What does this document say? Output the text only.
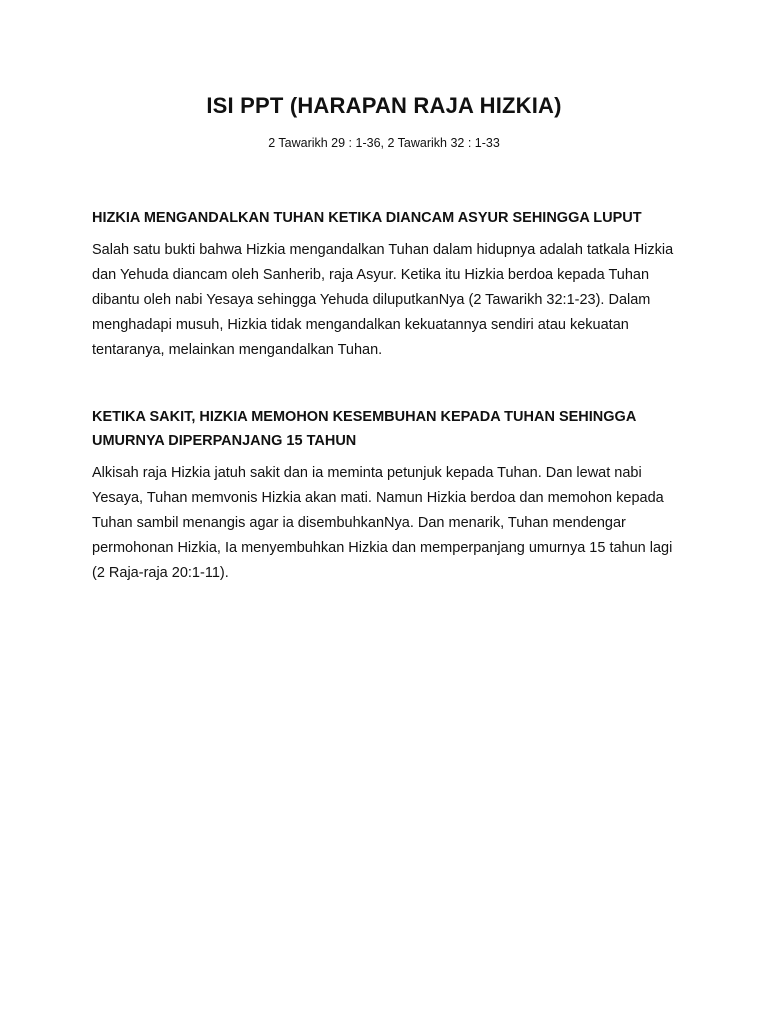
ISI PPT (HARAPAN RAJA HIZKIA)
2 Tawarikh 29 : 1-36, 2 Tawarikh 32 : 1-33
HIZKIA MENGANDALKAN TUHAN KETIKA DIANCAM ASYUR SEHINGGA LUPUT

Salah satu bukti bahwa Hizkia mengandalkan Tuhan dalam hidupnya adalah tatkala Hizkia dan Yehuda diancam oleh Sanherib, raja Asyur. Ketika itu Hizkia berdoa kepada Tuhan dibantu oleh nabi Yesaya sehingga Yehuda diluputkanNya (2 Tawarikh 32:1-23). Dalam menghadapi musuh, Hizkia tidak mengandalkan kekuatannya sendiri atau kekuatan tentaranya, melainkan mengandalkan Tuhan.

KETIKA SAKIT, HIZKIA MEMOHON KESEMBUHAN KEPADA TUHAN SEHINGGA UMURNYA DIPERPANJANG 15 TAHUN

Alkisah raja Hizkia jatuh sakit dan ia meminta petunjuk kepada Tuhan. Dan lewat nabi Yesaya, Tuhan memvonis Hizkia akan mati. Namun Hizkia berdoa dan memohon kepada Tuhan sambil menangis agar ia disembuhkanNya. Dan menarik, Tuhan mendengar permohonan Hizkia, Ia menyembuhkan Hizkia dan memperpanjang umurnya 15 tahun lagi (2 Raja-raja 20:1-11).
